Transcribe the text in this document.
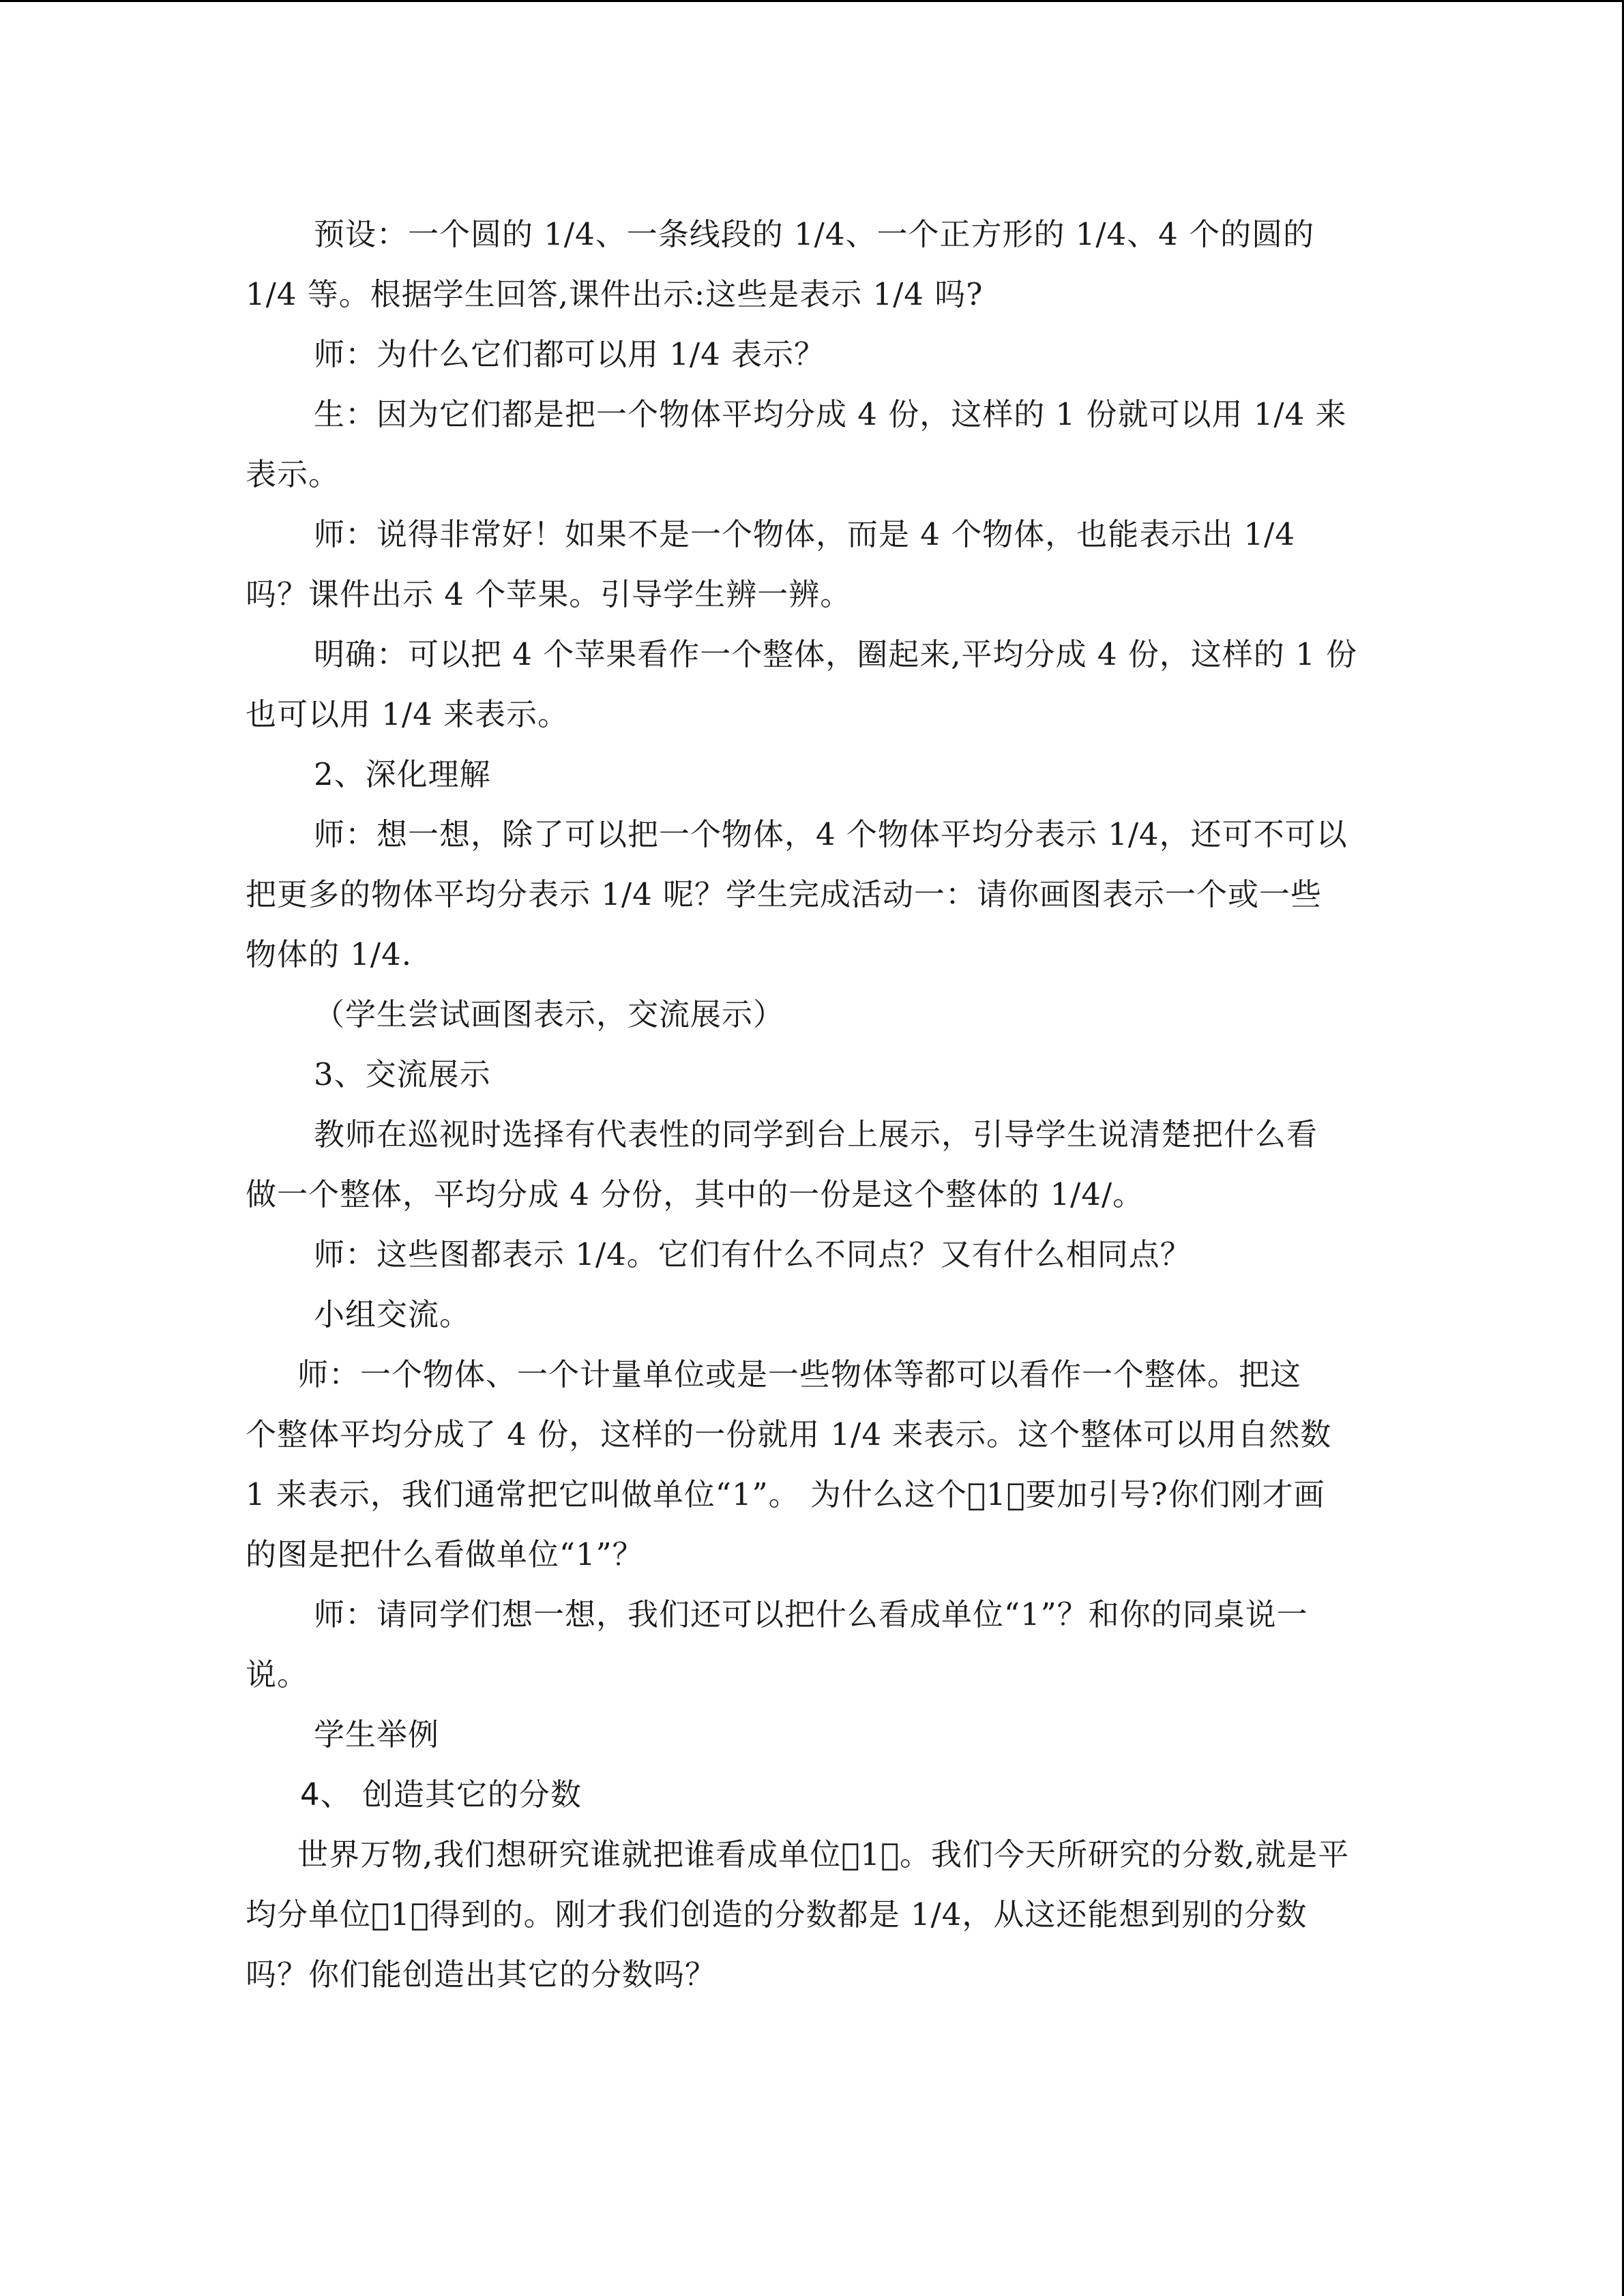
预设：一个圆的 1/4、一条线段的 1/4、一个正方形的 1/4、4 个的圆的
1/4 等。根据学生回答,课件出示:这些是表示 1/4 吗?
师：为什么它们都可以用 1/4 表示？
生：因为它们都是把一个物体平均分成 4 份，这样的 1 份就可以用 1/4 来
表示。
师：说得非常好！如果不是一个物体，而是 4 个物体，也能表示出 1/4
吗？课件出示 4 个苹果。引导学生辨一辨。
明确：可以把 4 个苹果看作一个整体，圈起来,平均分成 4 份，这样的 1 份
也可以用 1/4 来表示。
2、深化理解
师：想一想，除了可以把一个物体，4 个物体平均分表示 1/4，还可不可以
把更多的物体平均分表示 1/4 呢？学生完成活动一：请你画图表示一个或一些
物体的 1/4.
（学生尝试画图表示，交流展示）
3、交流展示
教师在巡视时选择有代表性的同学到台上展示，引导学生说清楚把什么看
做一个整体，平均分成 4 分份，其中的一份是这个整体的 1/4/。
师：这些图都表示 1/4。它们有什么不同点？又有什么相同点？
小组交流。
师：一个物体、一个计量单位或是一些物体等都可以看作一个整体。把这
个整体平均分成了 4 份，这样的一份就用 1/4 来表示。这个整体可以用自然数
1 来表示，我们通常把它叫做单位“1”。 为什么这个􏰀1􏰀要加引号?你们刚才画
的图是把什么看做单位“1”？
师：请同学们想一想，我们还可以把什么看成单位“1”？和你的同桌说一
说。
学生举例
4、 创造其它的分数
世界万物,我们想研究谁就把谁看成单位􏰀1􏰀。我们今天所研究的分数,就是平
均分单位􏰀1􏰀得到的。刚才我们创造的分数都是 1/4，从这还能想到别的分数
吗？你们能创造出其它的分数吗？
